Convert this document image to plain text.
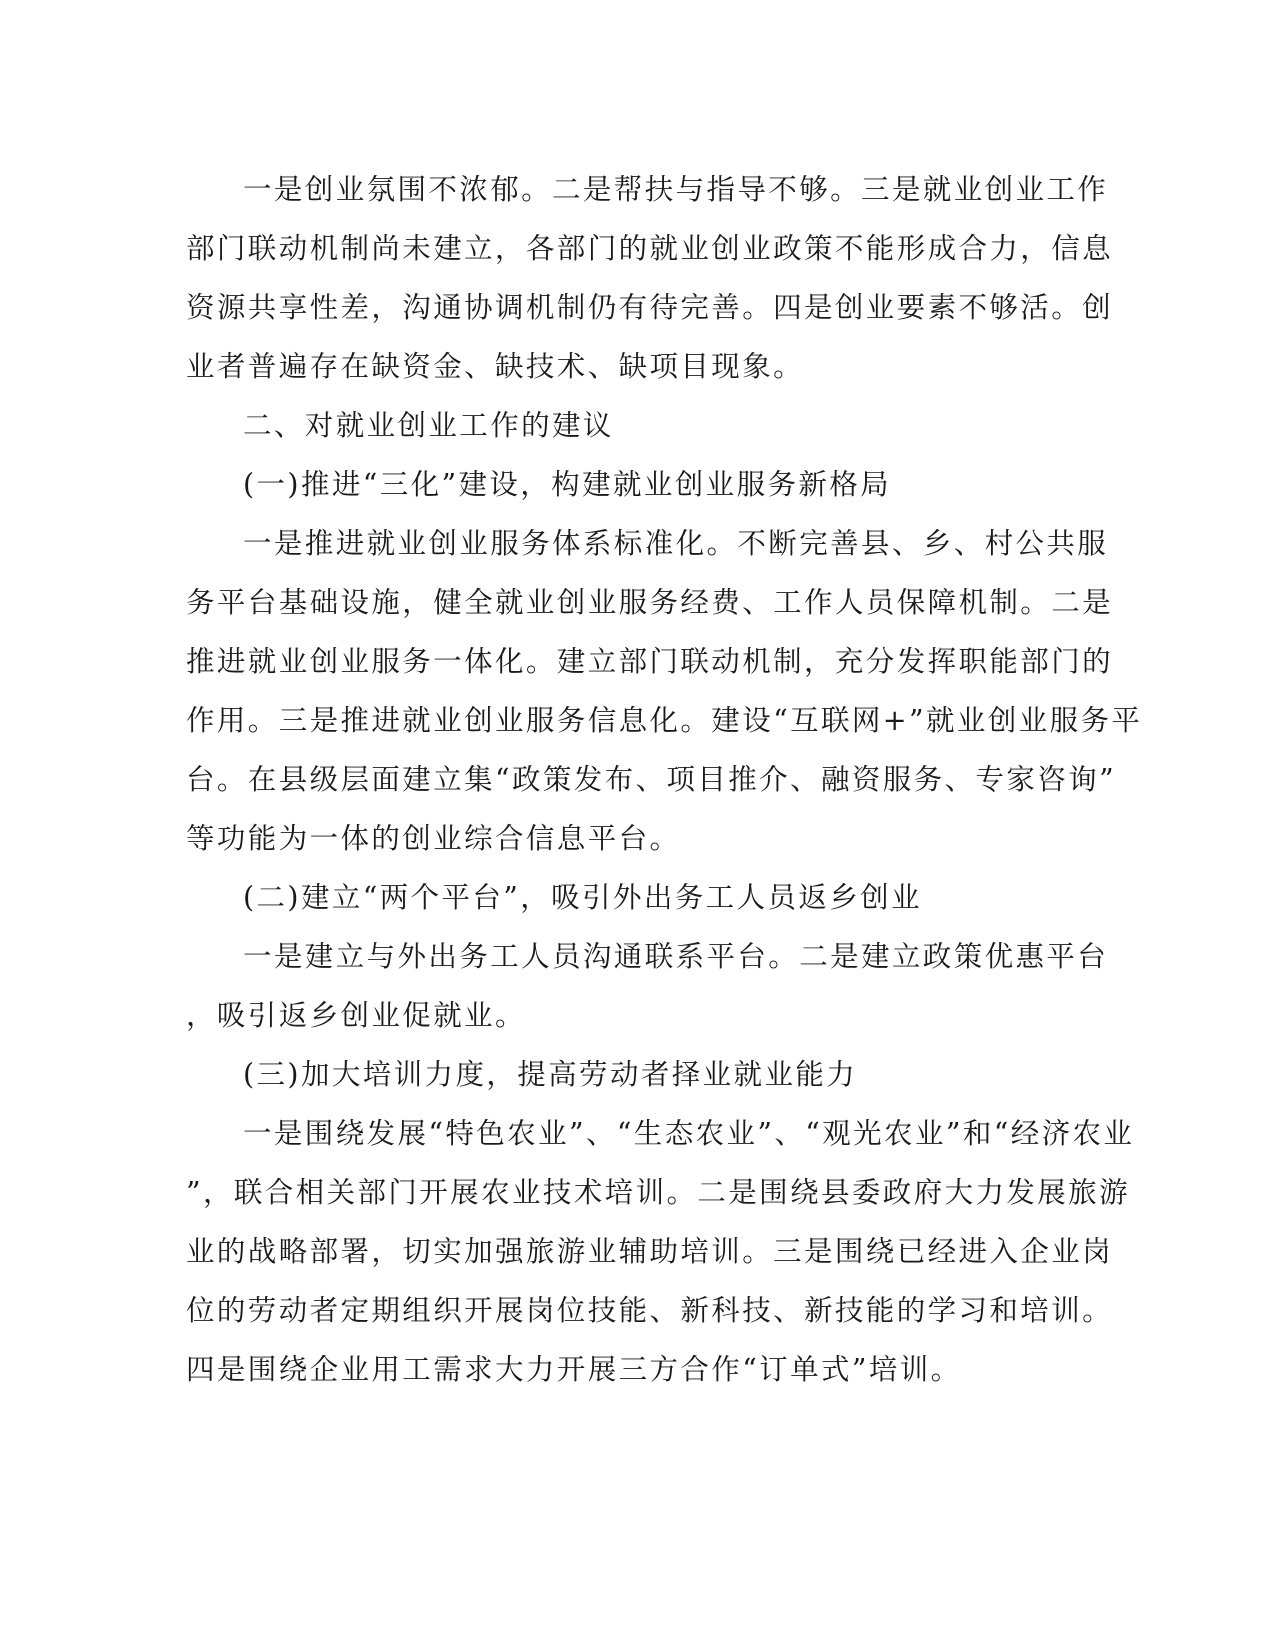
一是创业氛围不浓郁。二是帮扶与指导不够。三是就业创业工作
部门联动机制尚未建立，各部门的就业创业政策不能形成合力，信息
资源共享性差，沟通协调机制仍有待完善。四是创业要素不够活。创
业者普遍存在缺资金、缺技术、缺项目现象。

二、对就业创业工作的建议

(一)推进“三化”建设，构建就业创业服务新格局

一是推进就业创业服务体系标准化。不断完善县、乡、村公共服
务平台基础设施，健全就业创业服务经费、工作人员保障机制。二是
推进就业创业服务一体化。建立部门联动机制，充分发挥职能部门的
作用。三是推进就业创业服务信息化。建设“互联网+”就业创业服务平
台。在县级层面建立集“政策发布、项目推介、融资服务、专家咨询”
等功能为一体的创业综合信息平台。

(二)建立“两个平台”，吸引外出务工人员返乡创业

一是建立与外出务工人员沟通联系平台。二是建立政策优惠平台
，吸引返乡创业促就业。

(三)加大培训力度，提高劳动者择业就业能力

一是围绕发展“特色农业”、“生态农业”、“观光农业”和“经济农业
”，联合相关部门开展农业技术培训。二是围绕县委政府大力发展旅游
业的战略部署，切实加强旅游业辅助培训。三是围绕已经进入企业岗
位的劳动者定期组织开展岗位技能、新科技、新技能的学习和培训。
四是围绕企业用工需求大力开展三方合作“订单式”培训。
